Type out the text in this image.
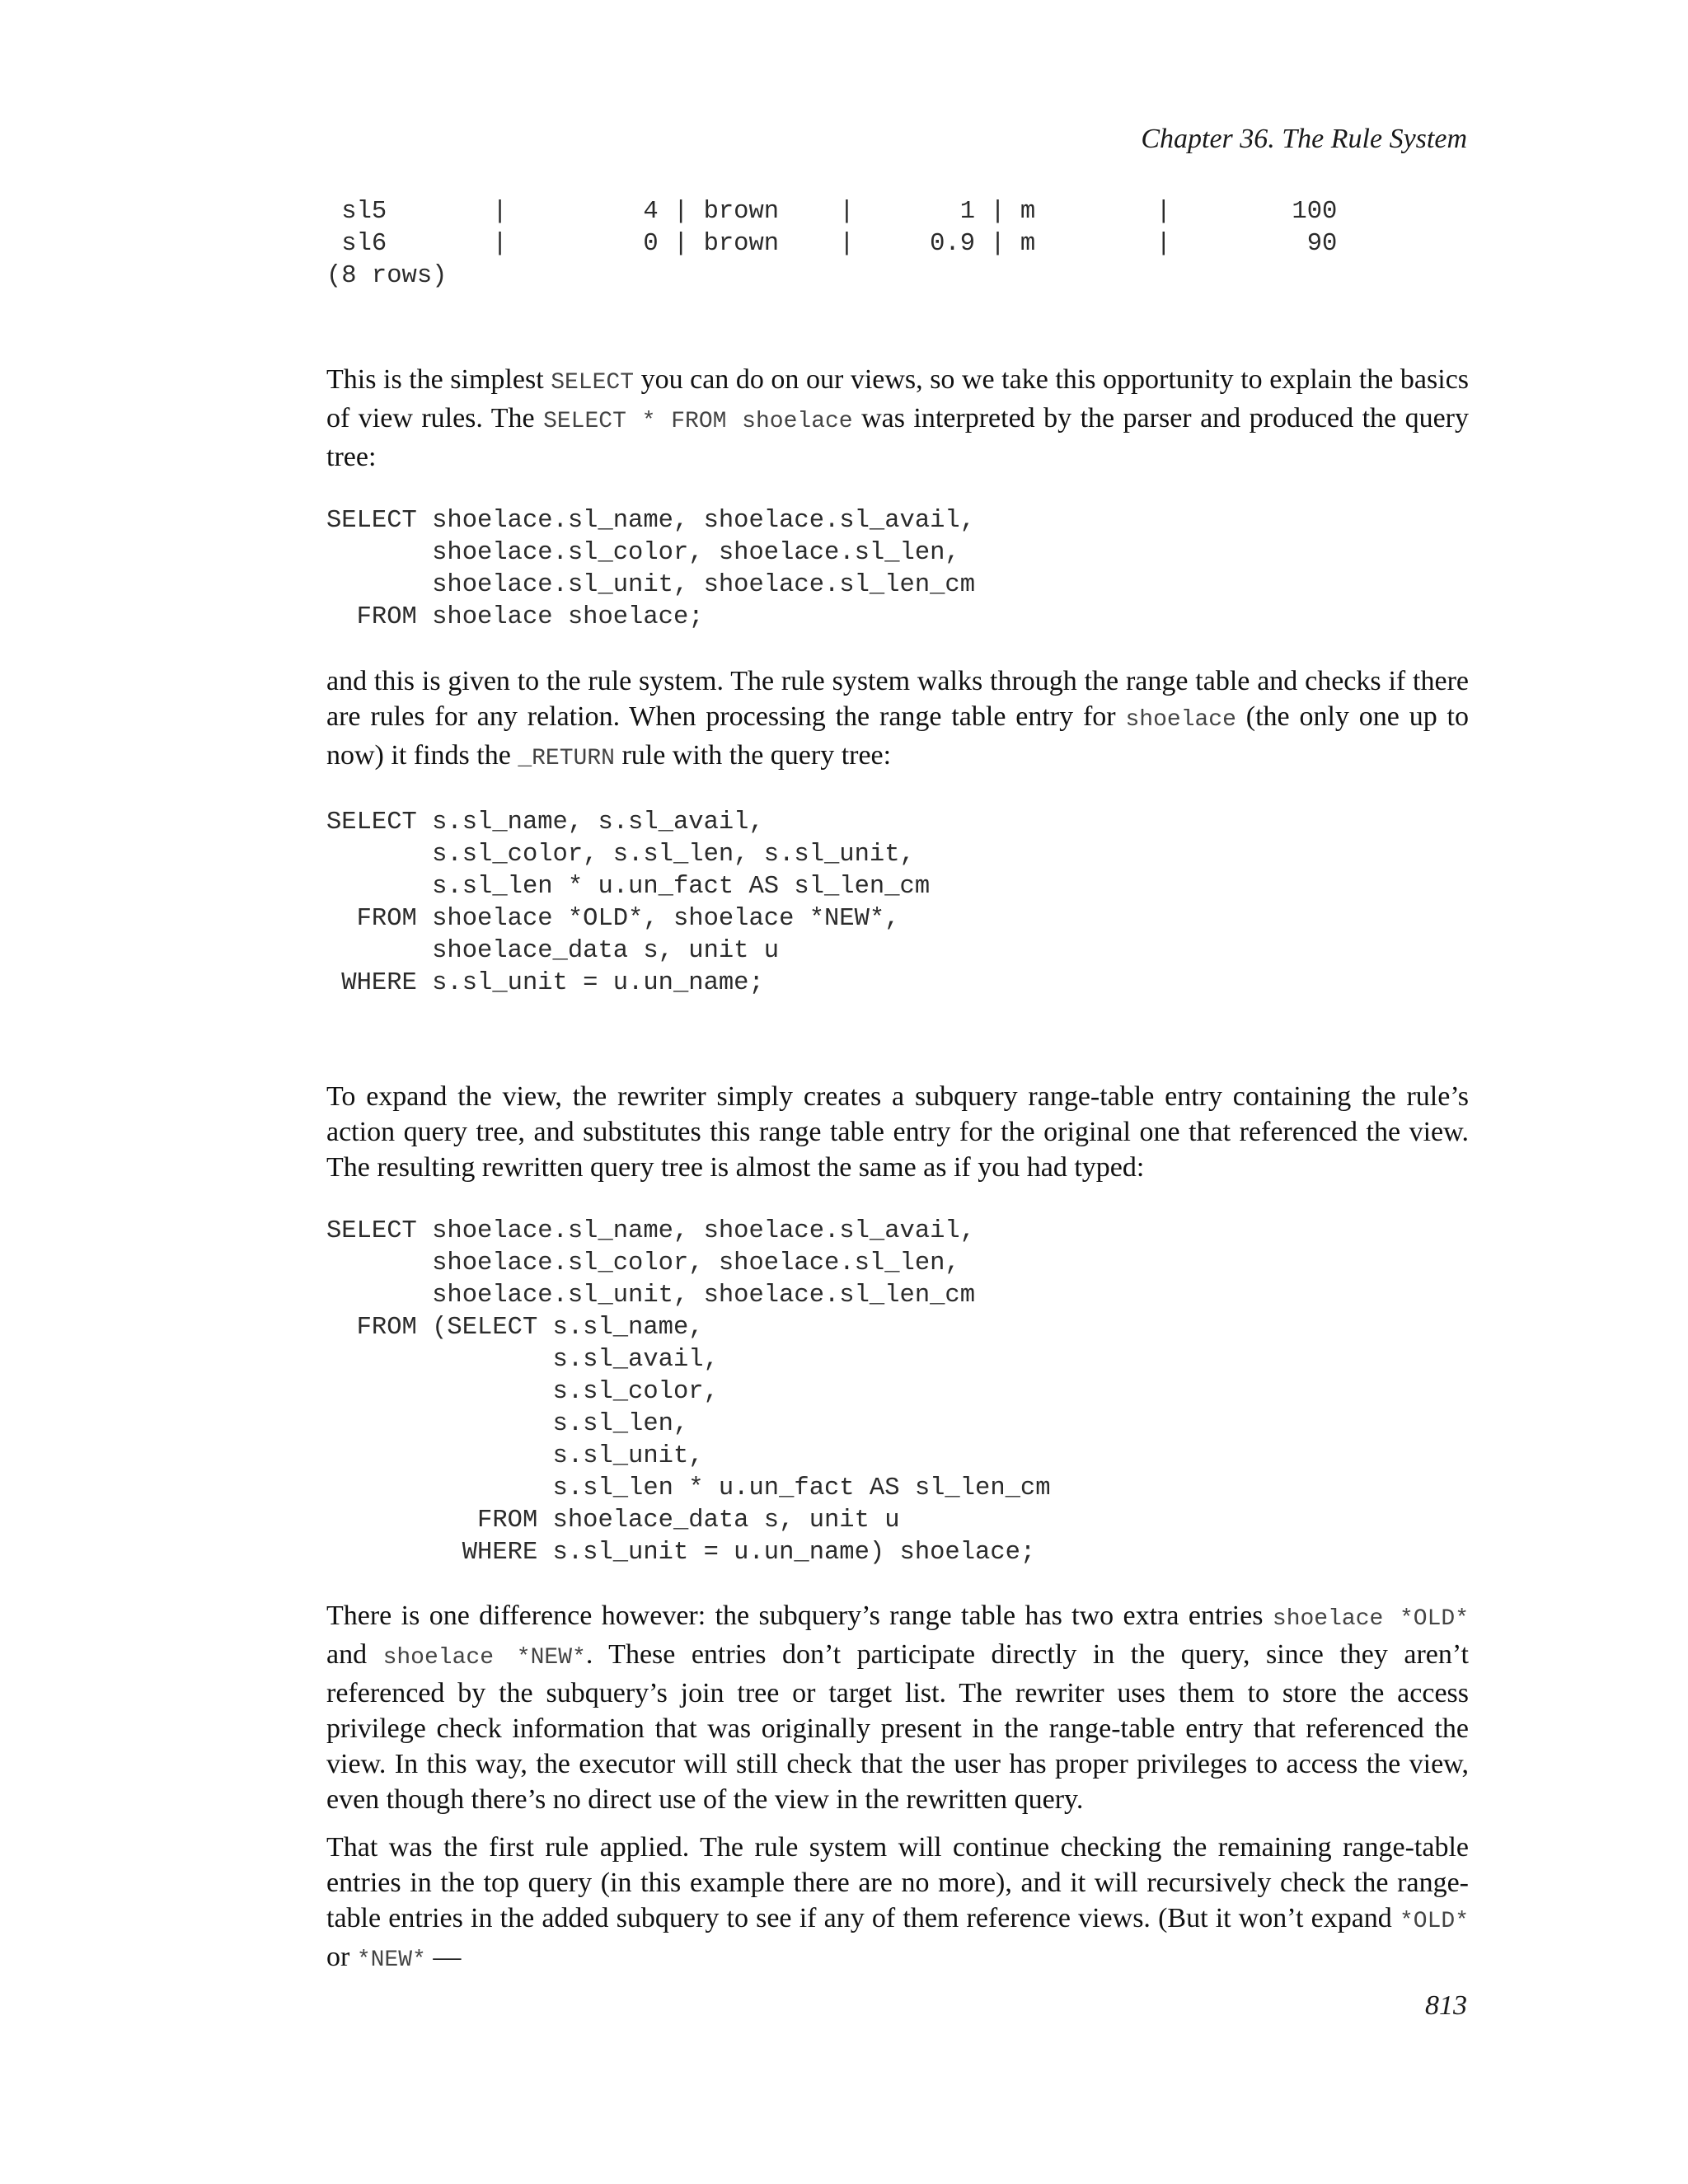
Chapter 36. The Rule System

sl5       |         4 | brown    |       1 | m        |        100
sl6       |         0 | brown    |     0.9 | m        |         90
(8 rows)

This is the simplest SELECT you can do on our views, so we take this opportunity to explain the basics of view rules. The SELECT * FROM shoelace was interpreted by the parser and produced the query tree:

SELECT shoelace.sl_name, shoelace.sl_avail,
shoelace.sl_color, shoelace.sl_len,
shoelace.sl_unit, shoelace.sl_len_cm
FROM shoelace shoelace;

and this is given to the rule system. The rule system walks through the range table and checks if there are rules for any relation. When processing the range table entry for shoelace (the only one up to now) it finds the _RETURN rule with the query tree:

SELECT s.sl_name, s.sl_avail,
s.sl_color, s.sl_len, s.sl_unit,
s.sl_len * u.un_fact AS sl_len_cm
FROM shoelace *OLD*, shoelace *NEW*,
shoelace_data s, unit u
WHERE s.sl_unit = u.un_name;

To expand the view, the rewriter simply creates a subquery range-table entry containing the rule’s action query tree, and substitutes this range table entry for the original one that referenced the view. The resulting rewritten query tree is almost the same as if you had typed:

SELECT shoelace.sl_name, shoelace.sl_avail,
shoelace.sl_color, shoelace.sl_len,
shoelace.sl_unit, shoelace.sl_len_cm
FROM (SELECT s.sl_name,
s.sl_avail,
s.sl_color,
s.sl_len,
s.sl_unit,
s.sl_len * u.un_fact AS sl_len_cm
FROM shoelace_data s, unit u
WHERE s.sl_unit = u.un_name) shoelace;

There is one difference however: the subquery’s range table has two extra entries shoelace *OLD* and shoelace *NEW*. These entries don’t participate directly in the query, since they aren’t referenced by the subquery’s join tree or target list. The rewriter uses them to store the access privilege check information that was originally present in the range-table entry that referenced the view. In this way, the executor will still check that the user has proper privileges to access the view, even though there’s no direct use of the view in the rewritten query.

That was the first rule applied. The rule system will continue checking the remaining range-table entries in the top query (in this example there are no more), and it will recursively check the range-table entries in the added subquery to see if any of them reference views. (But it won’t expand *OLD* or *NEW* —

813
